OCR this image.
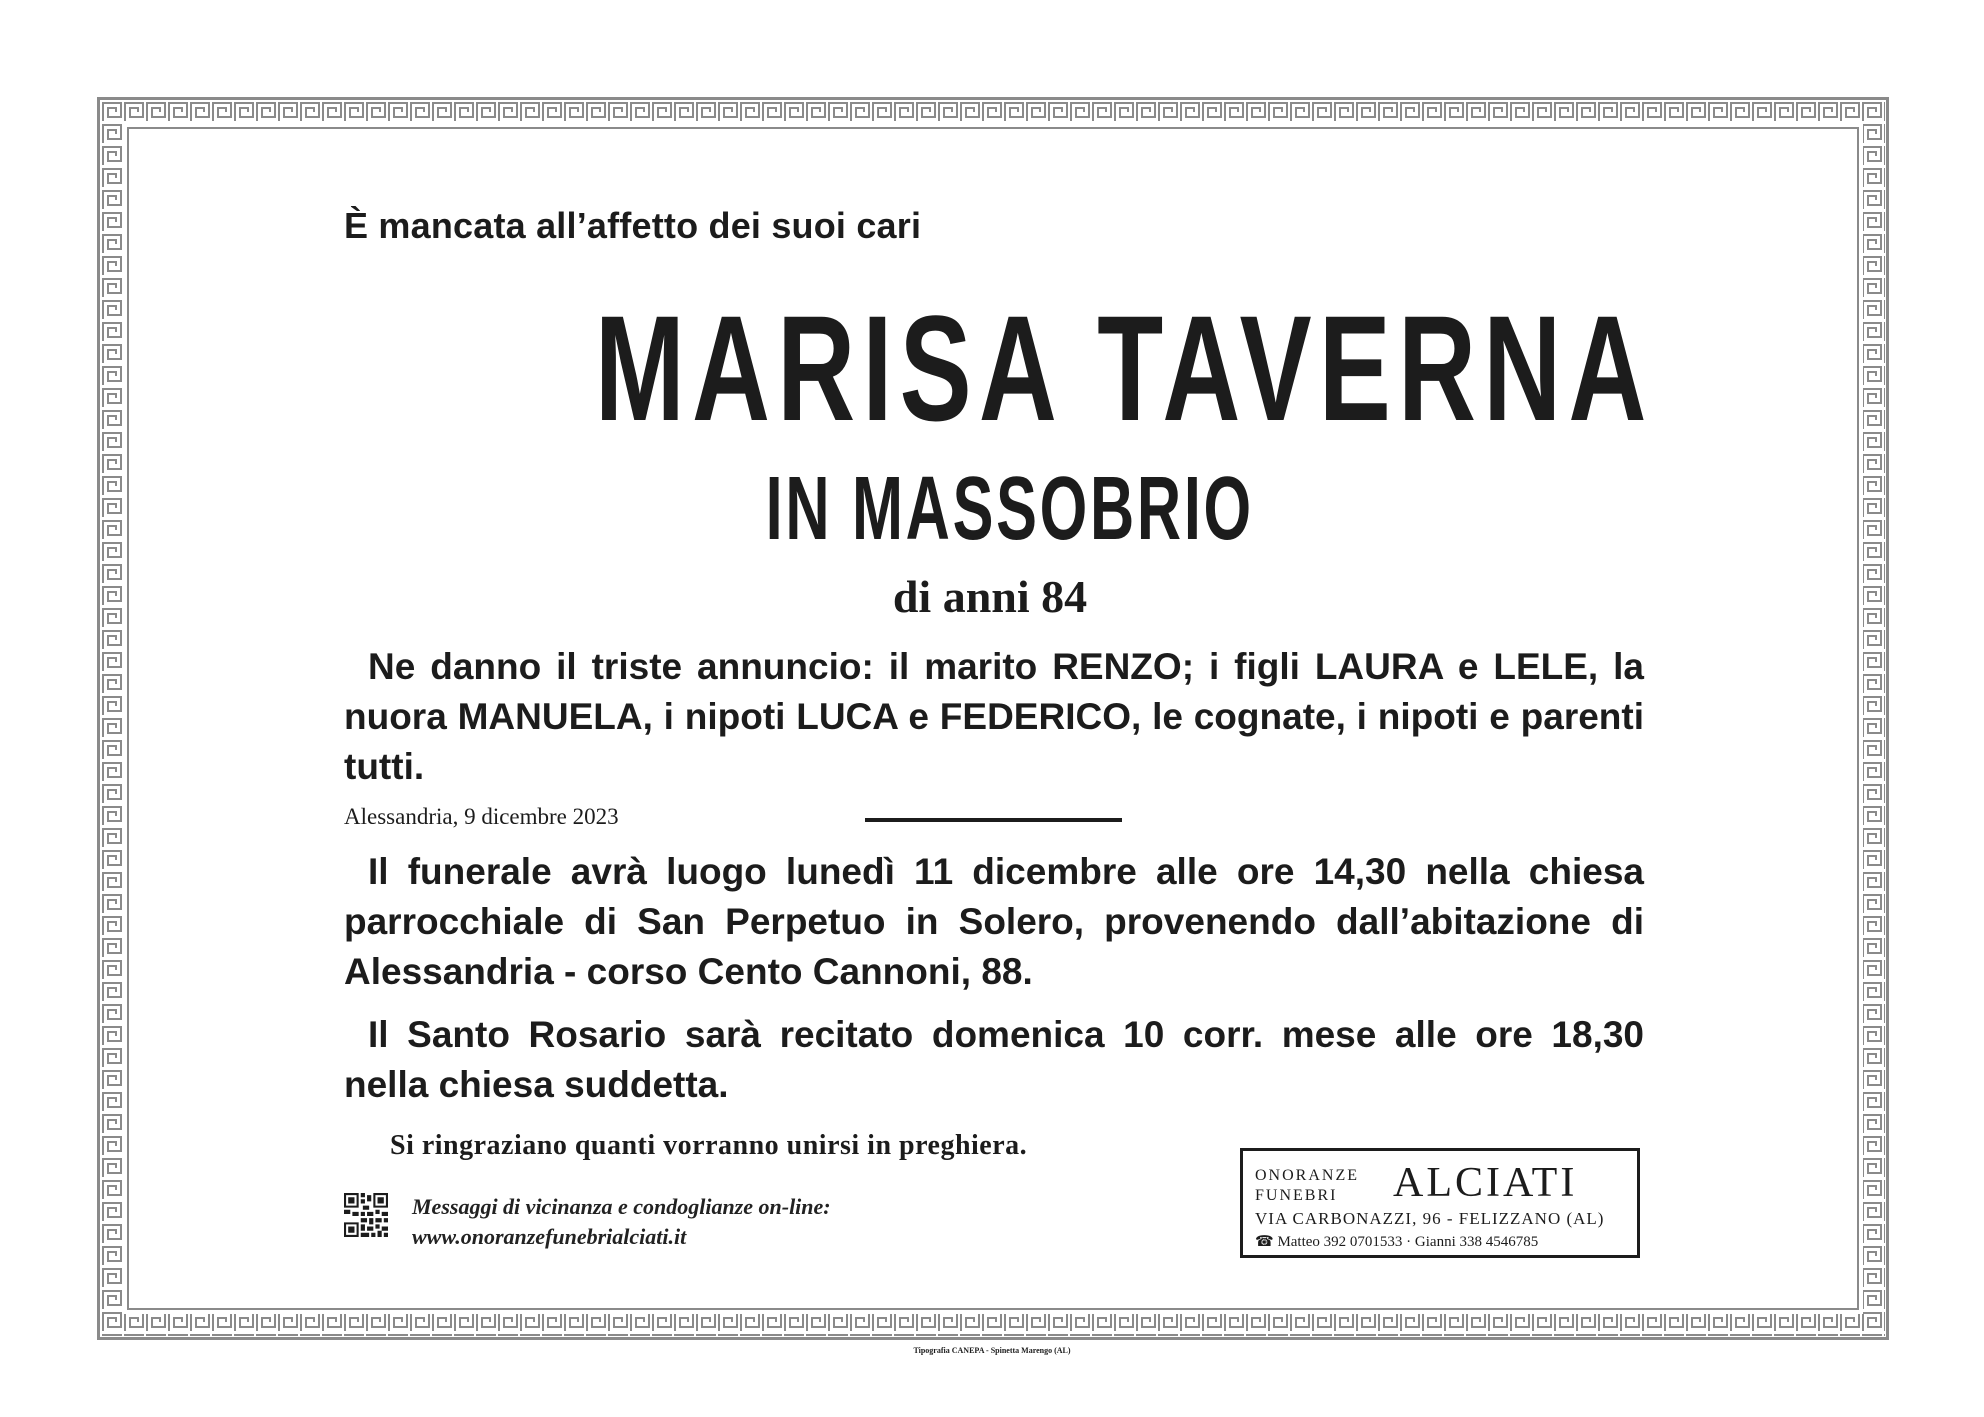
È mancata all’affetto dei suoi cari
MARISA TAVERNA
IN MASSOBRIO
di anni 84
Ne danno il triste annuncio: il marito RENZO; i figli LAURA e LELE, la nuora MANUELA, i nipoti LUCA e FEDERICO, le cognate, i nipoti e parenti tutti.
Alessandria, 9 dicembre 2023
Il funerale avrà luogo lunedì 11 dicembre alle ore 14,30 nella chiesa parrocchiale di San Perpetuo in Solero, provenendo dall’abitazione di Alessandria - corso Cento Cannoni, 88.
Il Santo Rosario sarà recitato domenica 10 corr. mese alle ore 18,30 nella chiesa suddetta.
Si ringraziano quanti vorranno unirsi in preghiera.
Messaggi di vicinanza e condoglianze on-line:
www.onoranzefunebrialciati.it
ONORANZE
FUNEBRI	ALCIATI
VIA CARBONAZZI, 96 - FELIZZANO (AL)
☎ Matteo 392 0701533 · Gianni 338 4546785
Tipografia CANEPA - Spinetta Marengo (AL)
